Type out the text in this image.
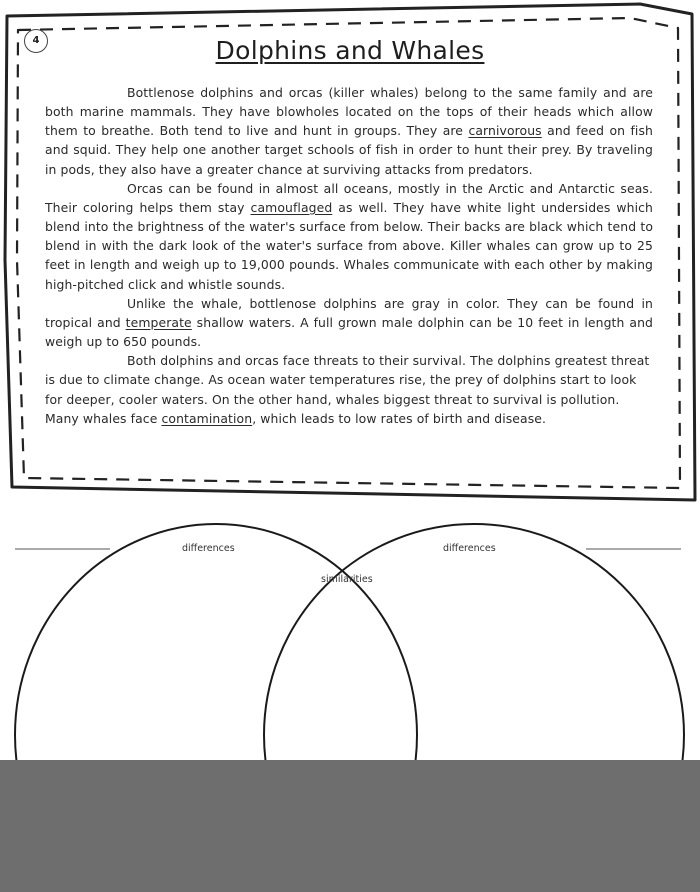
4	Dolphins and Whales

Bottlenose dolphins and orcas (killer whales) belong to the same family and are both marine mammals. They have blowholes located on the tops of their heads which allow them to breathe. Both tend to live and hunt in groups. They are carnivorous and feed on fish and squid. They help one another target schools of fish in order to hunt their prey. By traveling in pods, they also have a greater chance at surviving attacks from predators.

Orcas can be found in almost all oceans, mostly in the Arctic and Antarctic seas. Their coloring helps them stay camouflaged as well. They have white light undersides which blend into the brightness of the water's surface from below. Their backs are black which tend to blend in with the dark look of the water's surface from above. Killer whales can grow up to 25 feet in length and weigh up to 19,000 pounds. Whales communicate with each other by making high-pitched click and whistle sounds.

Unlike the whale, bottlenose dolphins are gray in color. They can be found in tropical and temperate shallow waters. A full grown male dolphin can be 10 feet in length and weigh up to 650 pounds.

Both dolphins and orcas face threats to their survival. The dolphins greatest threat is due to climate change. As ocean water temperatures rise, the prey of dolphins start to look for deeper, cooler waters. On the other hand, whales biggest threat to survival is pollution. Many whales face contamination, which leads to low rates of birth and disease.

differences	differences
similarities
